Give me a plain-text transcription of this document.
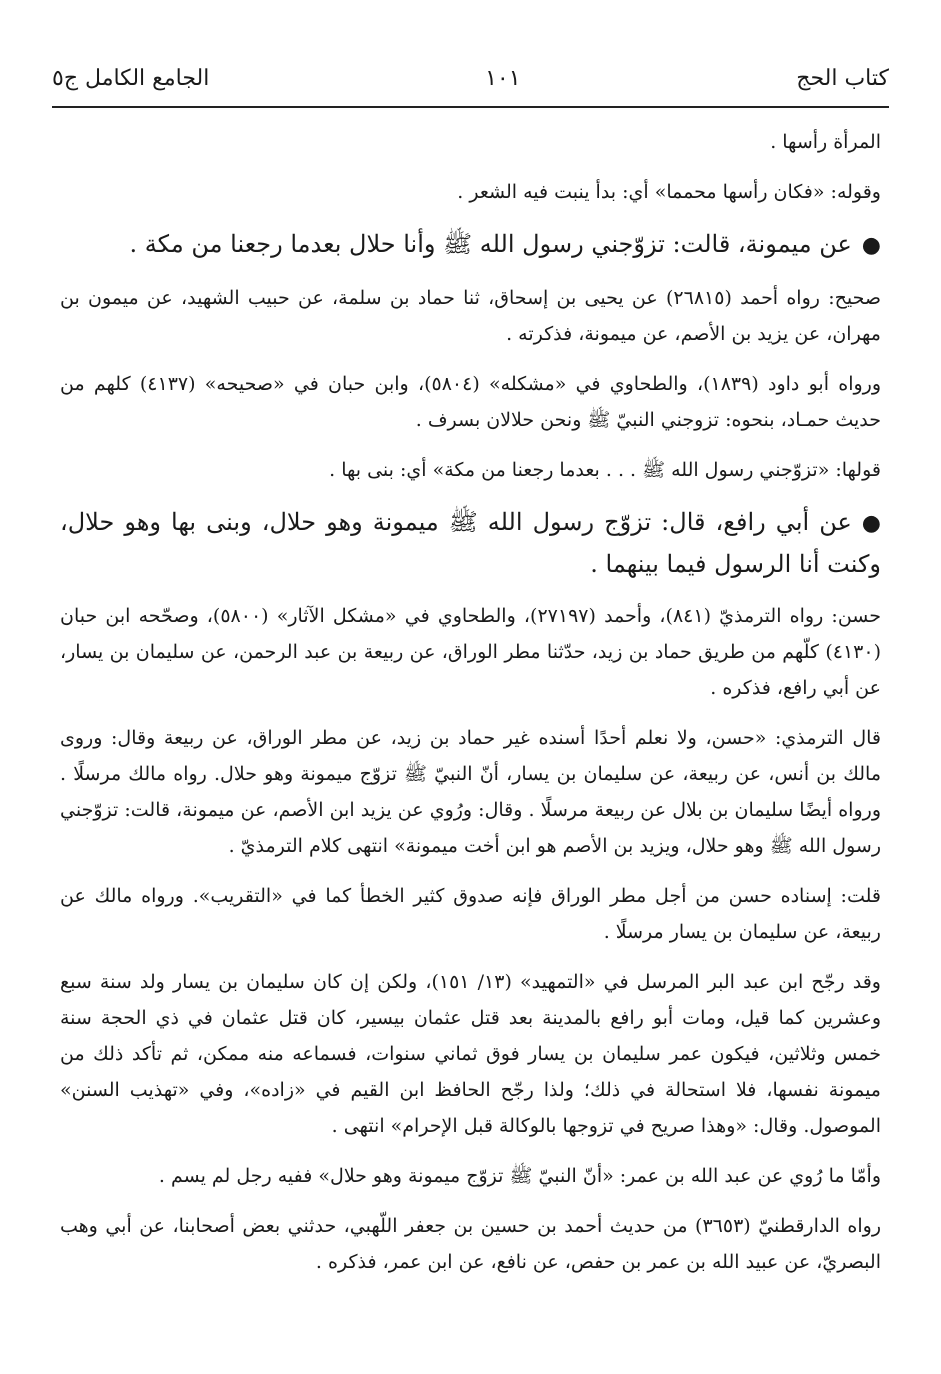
كتاب الحج
١٠١
الجامع الكامل ج٥

المرأة رأسها .

وقوله: «فكان رأسها محمما» أي: بدأ ينبت فيه الشعر .

●عن ميمونة، قالت: تزوّجني رسول الله ﷺ وأنا حلال بعدما رجعنا من مكة .

صحيح: رواه أحمد (٢٦٨١٥) عن يحيى بن إسحاق، ثنا حماد بن سلمة، عن حبيب الشهيد، عن ميمون بن مهران، عن يزيد بن الأصم، عن ميمونة، فذكرته .

ورواه أبو داود (١٨٣٩)، والطحاوي في «مشكله» (٥٨٠٤)، وابن حبان في «صحيحه» (٤١٣٧) كلهم من حديث حمـاد، بنحوه: تزوجني النبيّ ﷺ ونحن حلالان بسرف .

قولها: «تزوّجني رسول الله ﷺ . . . بعدما رجعنا من مكة» أي: بنى بها .

●عن أبي رافع، قال: تزوّج رسول الله ﷺ ميمونة وهو حلال، وبنى بها وهو حلال، وكنت أنا الرسول فيما بينهما .

حسن: رواه الترمذيّ (٨٤١)، وأحمد (٢٧١٩٧)، والطحاوي في «مشكل الآثار» (٥٨٠٠)، وصحّحه ابن حبان (٤١٣٠) كلّهم من طريق حماد بن زيد، حدّثنا مطر الوراق، عن ربيعة بن عبد الرحمن، عن سليمان بن يسار، عن أبي رافع، فذكره .

قال الترمذي: «حسن، ولا نعلم أحدًا أسنده غير حماد بن زيد، عن مطر الوراق، عن ربيعة وقال: وروى مالك بن أنس، عن ربيعة، عن سليمان بن يسار، أنّ النبيّ ﷺ تزوّج ميمونة وهو حلال. رواه مالك مرسلًا . ورواه أيضًا سليمان بن بلال عن ربيعة مرسلًا . وقال: ورُوي عن يزيد ابن الأصم، عن ميمونة، قالت: تزوّجني رسول الله ﷺ وهو حلال، ويزيد بن الأصم هو ابن أخت ميمونة» انتهى كلام الترمذيّ .

قلت: إسناده حسن من أجل مطر الوراق فإنه صدوق كثير الخطأ كما في «التقريب». ورواه مالك عن ربيعة، عن سليمان بن يسار مرسلًا .

وقد رجّح ابن عبد البر المرسل في «التمهيد» (١٣/ ١٥١)، ولكن إن كان سليمان بن يسار ولد سنة سبع وعشرين كما قيل، ومات أبو رافع بالمدينة بعد قتل عثمان بيسير، كان قتل عثمان في ذي الحجة سنة خمس وثلاثين، فيكون عمر سليمان بن يسار فوق ثماني سنوات، فسماعه منه ممكن، ثم تأكد ذلك من ميمونة نفسها، فلا استحالة في ذلك؛ ولذا رجّح الحافظ ابن القيم في «زاده»، وفي «تهذيب السنن» الموصول. وقال: «وهذا صريح في تزوجها بالوكالة قبل الإحرام» انتهى .

وأمّا ما رُوي عن عبد الله بن عمر: «أنّ النبيّ ﷺ تزوّج ميمونة وهو حلال» ففيه رجل لم يسم .

رواه الدارقطنيّ (٣٦٥٣) من حديث أحمد بن حسين بن جعفر اللّهبي، حدثني بعض أصحابنا، عن أبي وهب البصريّ، عن عبيد الله بن عمر بن حفص، عن نافع، عن ابن عمر، فذكره .
